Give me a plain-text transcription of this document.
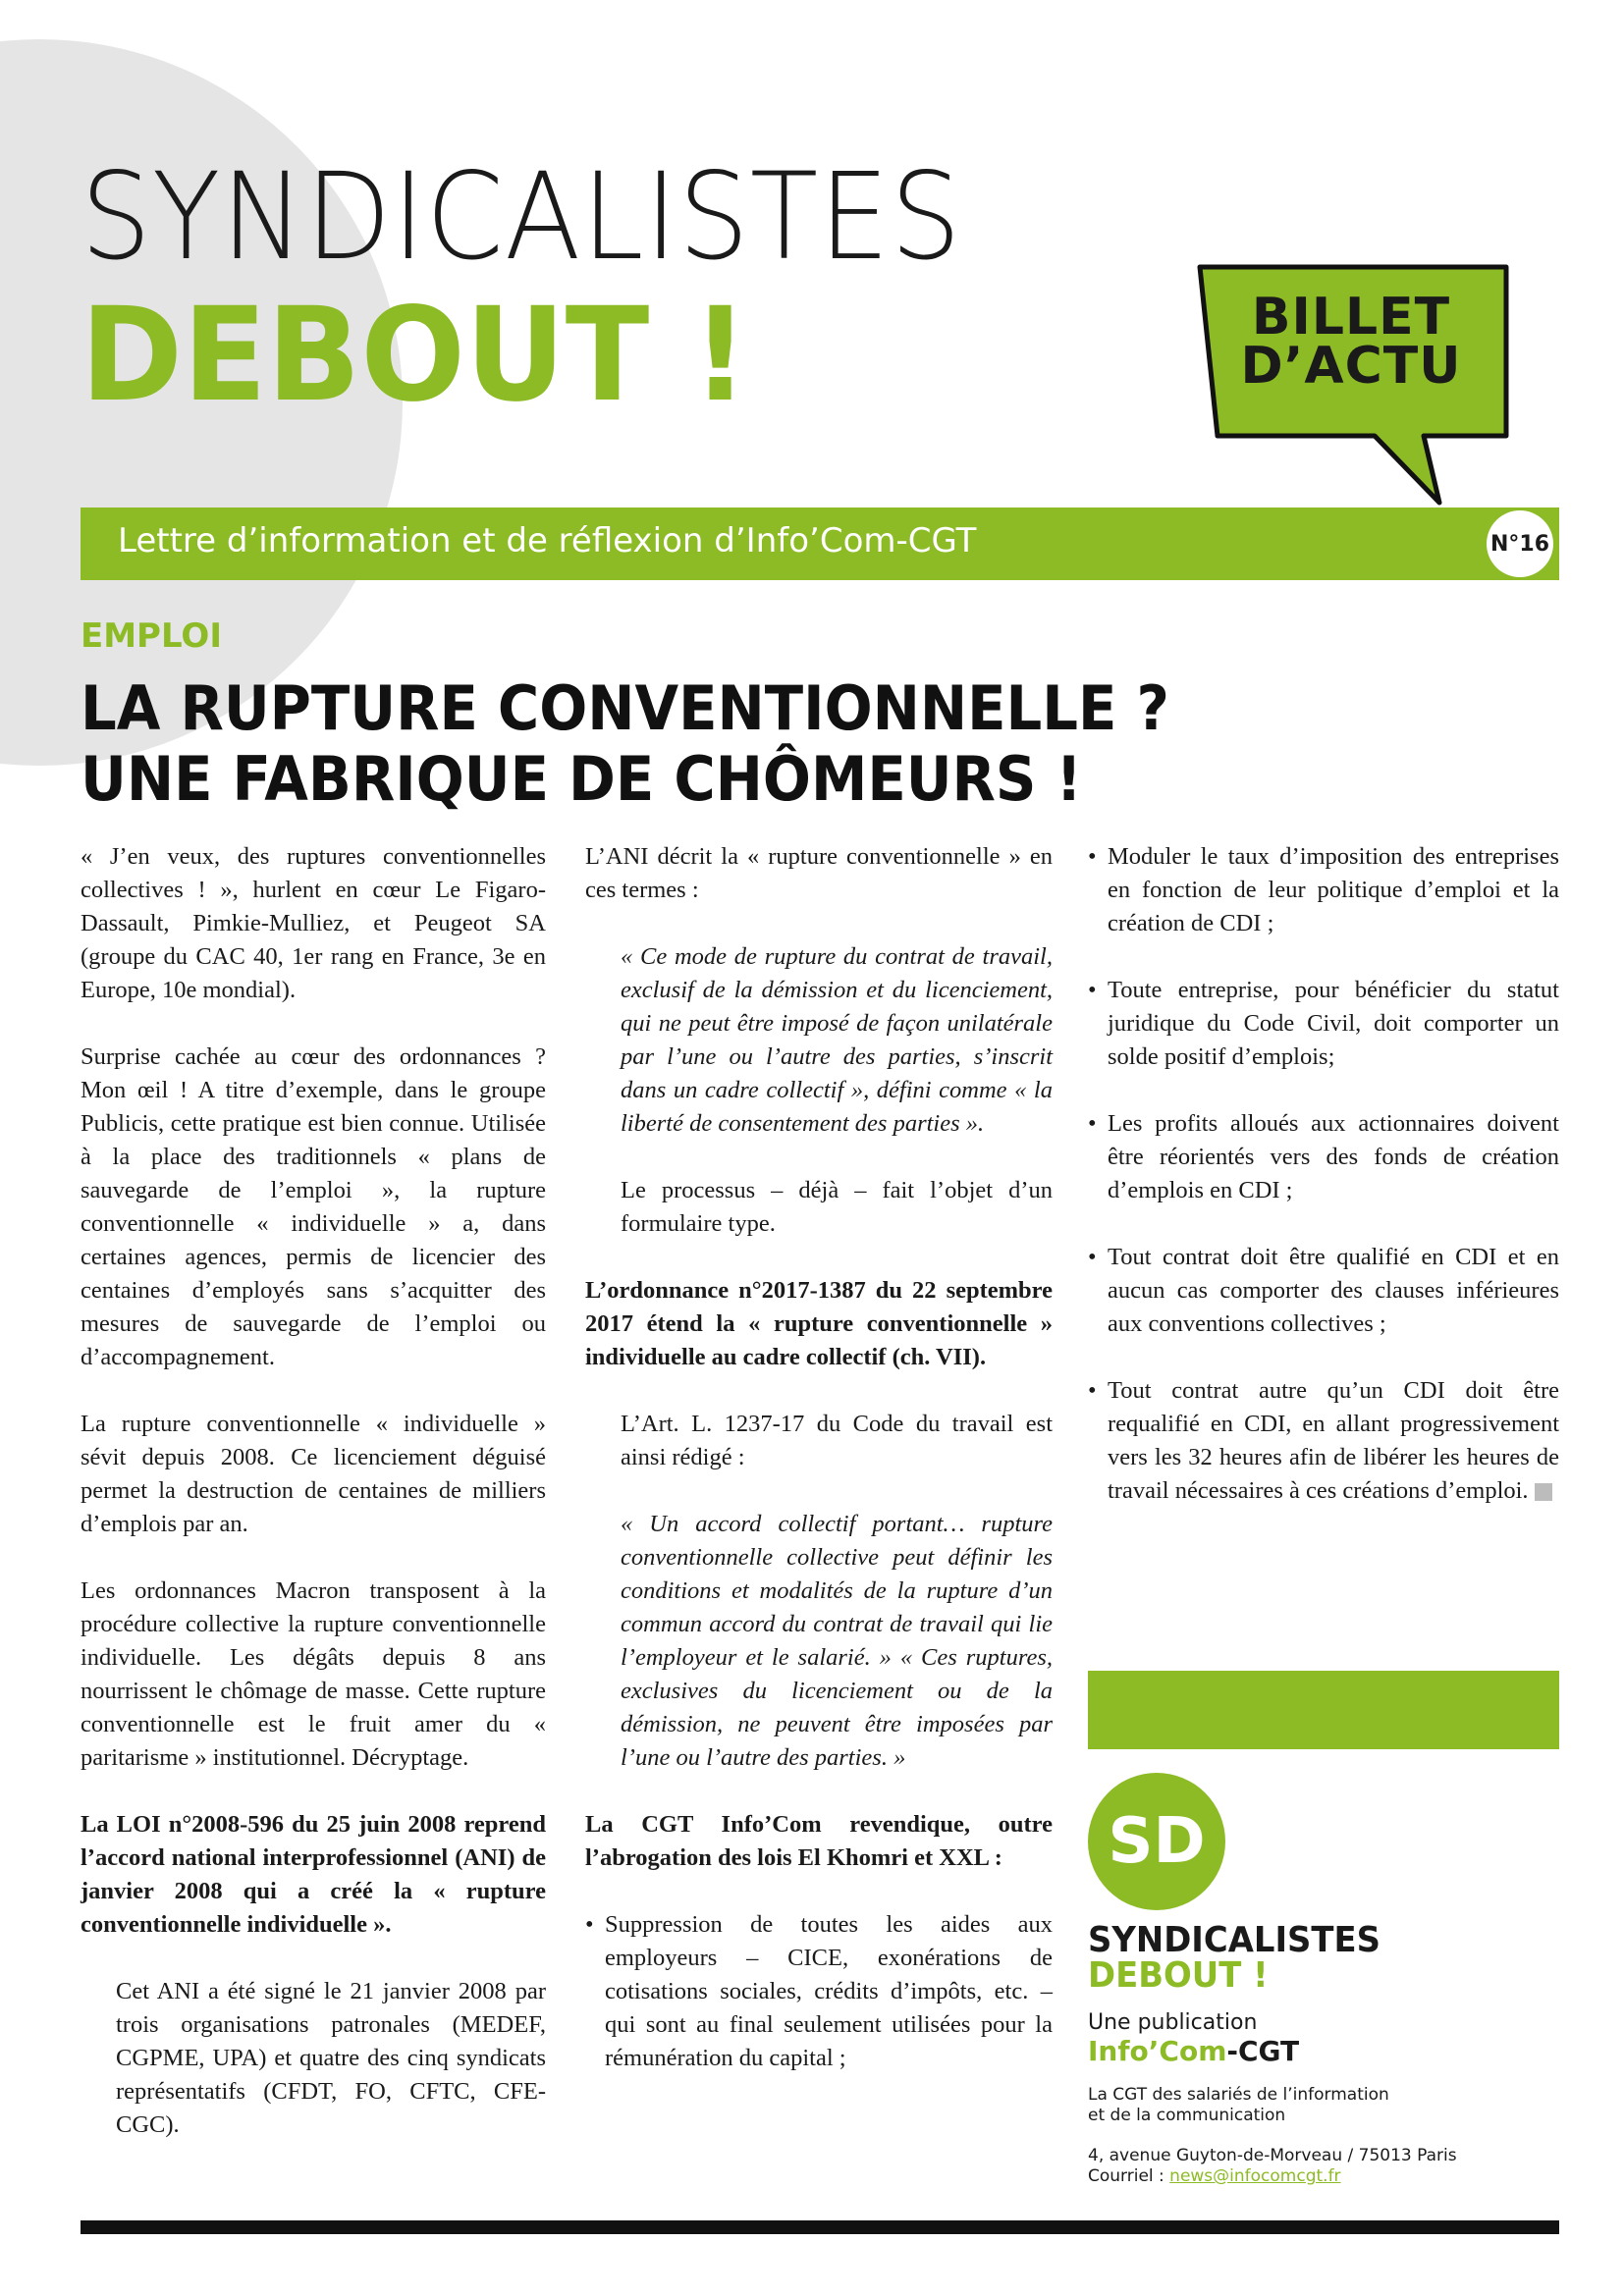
SYNDICALISTES
DEBOUT !	BILLET
D’ACTU
Lettre d’information et de réflexion d’Info’Com-CGT	N°16
EMPLOI
LA RUPTURE CONVENTIONNELLE ?
UNE FABRIQUE DE CHÔMEURS !

« J’en veux, des ruptures conventionnelles collectives ! », hurlent en cœur Le Figaro-Dassault, Pimkie-Mulliez, et Peugeot SA (groupe du CAC 40, 1er rang en France, 3e en Europe, 10e mondial).

Surprise cachée au cœur des ordonnances ? Mon œil ! A titre d’exemple, dans le groupe Publicis, cette pratique est bien connue. Utilisée à la place des traditionnels « plans de sauvegarde de l’emploi », la rupture conventionnelle « individuelle » a, dans certaines agences, permis de licencier des centaines d’employés sans s’acquitter des mesures de sauvegarde de l’emploi ou d’accompagnement.

La rupture conventionnelle « individuelle » sévit depuis 2008. Ce licenciement déguisé permet la destruction de centaines de milliers d’emplois par an.

Les ordonnances Macron transposent à la procédure collective la rupture conventionnelle individuelle. Les dégâts depuis 8 ans nourrissent le chômage de masse. Cette rupture conventionnelle est le fruit amer du « paritarisme » institutionnel. Décryptage.

La LOI n°2008-596 du 25 juin 2008 reprend l’accord national interprofessionnel (ANI) de janvier 2008 qui a créé la « rupture conventionnelle individuelle ».

Cet ANI a été signé le 21 janvier 2008 par trois organisations patronales (MEDEF, CGPME, UPA) et quatre des cinq syndicats représentatifs (CFDT, FO, CFTC, CFE-CGC).

L’ANI décrit la « rupture conventionnelle » en ces termes :

« Ce mode de rupture du contrat de travail, exclusif de la démission et du licenciement, qui ne peut être imposé de façon unilatérale par l’une ou l’autre des parties, s’inscrit dans un cadre collectif », défini comme « la liberté de consentement des parties ».

Le processus – déjà – fait l’objet d’un formulaire type.

L’ordonnance n°2017-1387 du 22 septembre 2017 étend la « rupture conventionnelle » individuelle au cadre collectif (ch. VII).

L’Art. L. 1237-17 du Code du travail est ainsi rédigé :

« Un accord collectif portant… rupture conventionnelle collective peut définir les conditions et modalités de la rupture d’un commun accord du contrat de travail qui lie l’employeur et le salarié. » « Ces ruptures, exclusives du licenciement ou de la démission, ne peuvent être imposées par l’une ou l’autre des parties. »

La CGT Info’Com revendique, outre l’abrogation des lois El Khomri et XXL :

• Suppression de toutes les aides aux employeurs – CICE, exonérations de cotisations sociales, crédits d’impôts, etc. – qui sont au final seulement utilisées pour la rémunération du capital ;
• Moduler le taux d’imposition des entreprises en fonction de leur politique d’emploi et la création de CDI ;
• Toute entreprise, pour bénéficier du statut juridique du Code Civil, doit comporter un solde positif d’emplois;
• Les profits alloués aux actionnaires doivent être réorientés vers des fonds de création d’emplois en CDI ;
• Tout contrat doit être qualifié en CDI et en aucun cas comporter des clauses inférieures aux conventions collectives ;
• Tout contrat autre qu’un CDI doit être requalifié en CDI, en allant progressivement vers les 32 heures afin de libérer les heures de travail nécessaires à ces créations d’emploi.
SD
SYNDICALISTES
DEBOUT !
Une publication
Info’Com-CGT
La CGT des salariés de l’information
et de la communication
4, avenue Guyton-de-Morveau / 75013 Paris
Courriel : news@infocomcgt.fr
